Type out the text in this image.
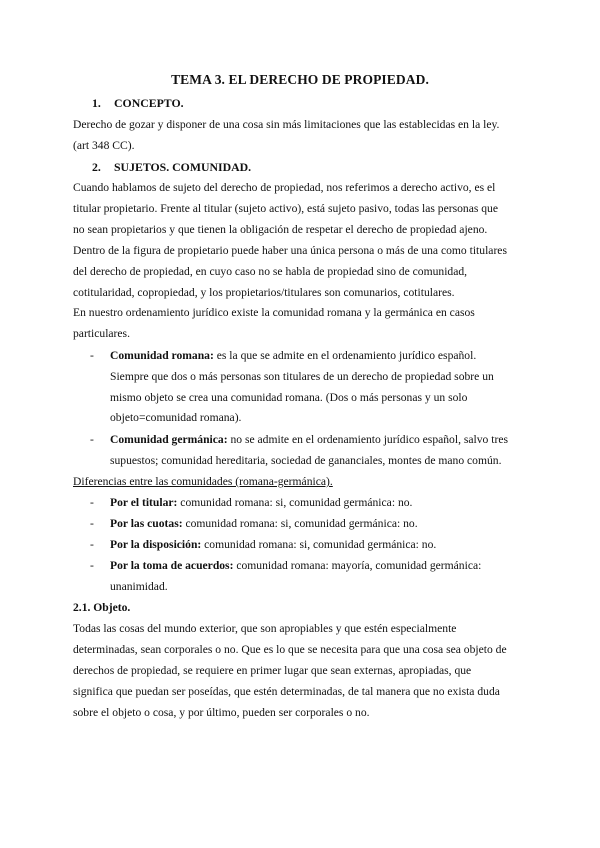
TEMA 3. EL DERECHO DE PROPIEDAD.
1. CONCEPTO.
Derecho de gozar y disponer de una cosa sin más limitaciones que las establecidas en la ley.
(art 348 CC).
2. SUJETOS. COMUNIDAD.
Cuando hablamos de sujeto del derecho de propiedad, nos referimos a derecho activo, es el
titular propietario. Frente al titular (sujeto activo), está sujeto pasivo, todas las personas que
no sean propietarios y que tienen la obligación de respetar el derecho de propiedad ajeno.
Dentro de la figura de propietario puede haber una única persona o más de una como titulares
del derecho de propiedad, en cuyo caso no se habla de propiedad sino de comunidad,
cotitularidad, copropiedad, y los propietarios/titulares son comunarios, cotitulares.
En nuestro ordenamiento jurídico existe la comunidad romana y la germánica en casos
particulares.
- Comunidad romana: es la que se admite en el ordenamiento jurídico español.
Siempre que dos o más personas son titulares de un derecho de propiedad sobre un
mismo objeto se crea una comunidad romana. (Dos o más personas y un solo
objeto=comunidad romana).
- Comunidad germánica: no se admite en el ordenamiento jurídico español, salvo tres
supuestos; comunidad hereditaria, sociedad de gananciales, montes de mano común.
Diferencias entre las comunidades (romana-germánica).
- Por el titular: comunidad romana: si, comunidad germánica: no.
- Por las cuotas: comunidad romana: si, comunidad germánica: no.
- Por la disposición: comunidad romana: si, comunidad germánica: no.
- Por la toma de acuerdos: comunidad romana: mayoría, comunidad germánica:
unanimidad.
2.1. Objeto.
Todas las cosas del mundo exterior, que son apropiables y que estén especialmente
determinadas, sean corporales o no. Que es lo que se necesita para que una cosa sea objeto de
derechos de propiedad, se requiere en primer lugar que sean externas, apropiadas, que
significa que puedan ser poseídas, que estén determinadas, de tal manera que no exista duda
sobre el objeto o cosa, y por último, pueden ser corporales o no.
